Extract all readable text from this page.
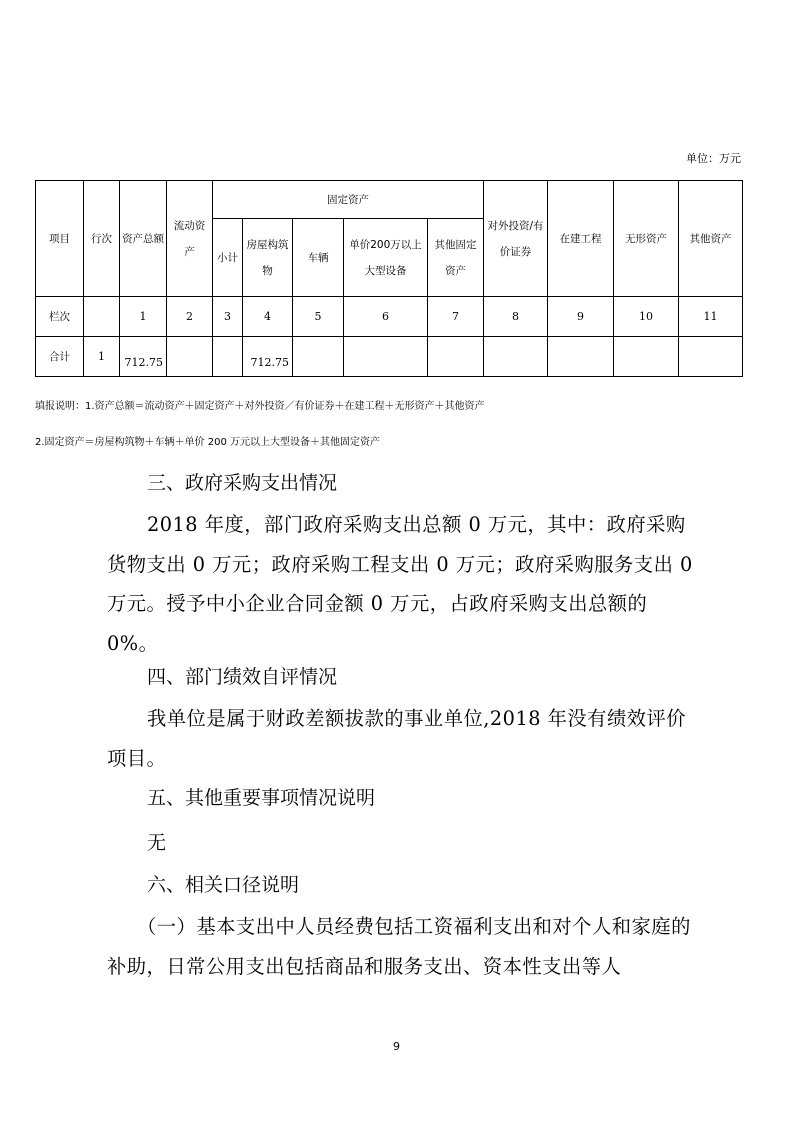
单位：万元
项目	行次	资产总额	流动资产	固定资产					对外投资/有价证券	在建工程	无形资产	其他资产
				小计	房屋构筑物	车辆	单价200万以上大型设备	其他固定资产				
栏次		1	2	3	4	5	6	7	8	9	10	11
合计	1	712.75			712.75							
填报说明：1.资产总额＝流动资产＋固定资产＋对外投资／有价证券＋在建工程＋无形资产＋其他资产
2.固定资产＝房屋构筑物＋车辆＋单价 200 万元以上大型设备＋其他固定资产
三、政府采购支出情况
2018 年度，部门政府采购支出总额 0 万元，其中：政府采购货物支出 0 万元；政府采购工程支出 0 万元；政府采购服务支出 0 万元。授予中小企业合同金额 0 万元，占政府采购支出总额的 0%。
四、部门绩效自评情况
我单位是属于财政差额拔款的事业单位,2018 年没有绩效评价项目。
五、其他重要事项情况说明
无
六、相关口径说明
（一）基本支出中人员经费包括工资福利支出和对个人和家庭的补助，日常公用支出包括商品和服务支出、资本性支出等人
9
